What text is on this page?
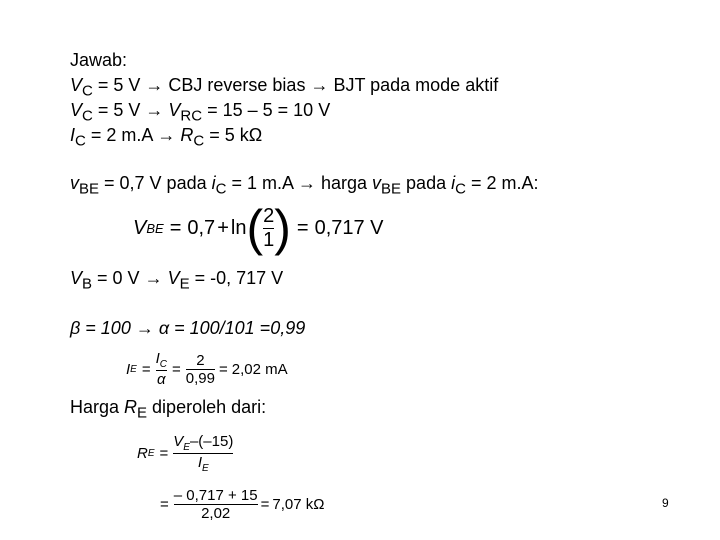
Jawab:
$V_C = 5$ V → CBJ reverse bias → BJT pada mode aktif
$V_C = 5$ $V \to V_{RC} = 15 - 5 = 10$ V
$I_C = 2$ $m.A \to R_C = 5$ kΩ
$v_{BE} = 0,7$ V pada $i_C = 1$ m.A → harga $v_{BE}$ pada $i_C = 2$ m.A:
V BE = 0,7 + ln ( $\frac{2}{1}$ ) = 0,717 V
$V_B = 0$ $V \to V_E = -0$, 717 V
β = 100 → α = 100/101 =0,99
I $E = \frac{I_C}{\alpha} = \frac{2}{0,99} = 2,02$ mA
Harga $R_E$ diperoleh dari:
R $E = \frac{V_E-(-15)}{I_E}$
= $\frac{- 0,717 + 15}{2,02} = 7,07$ kΩ	9
